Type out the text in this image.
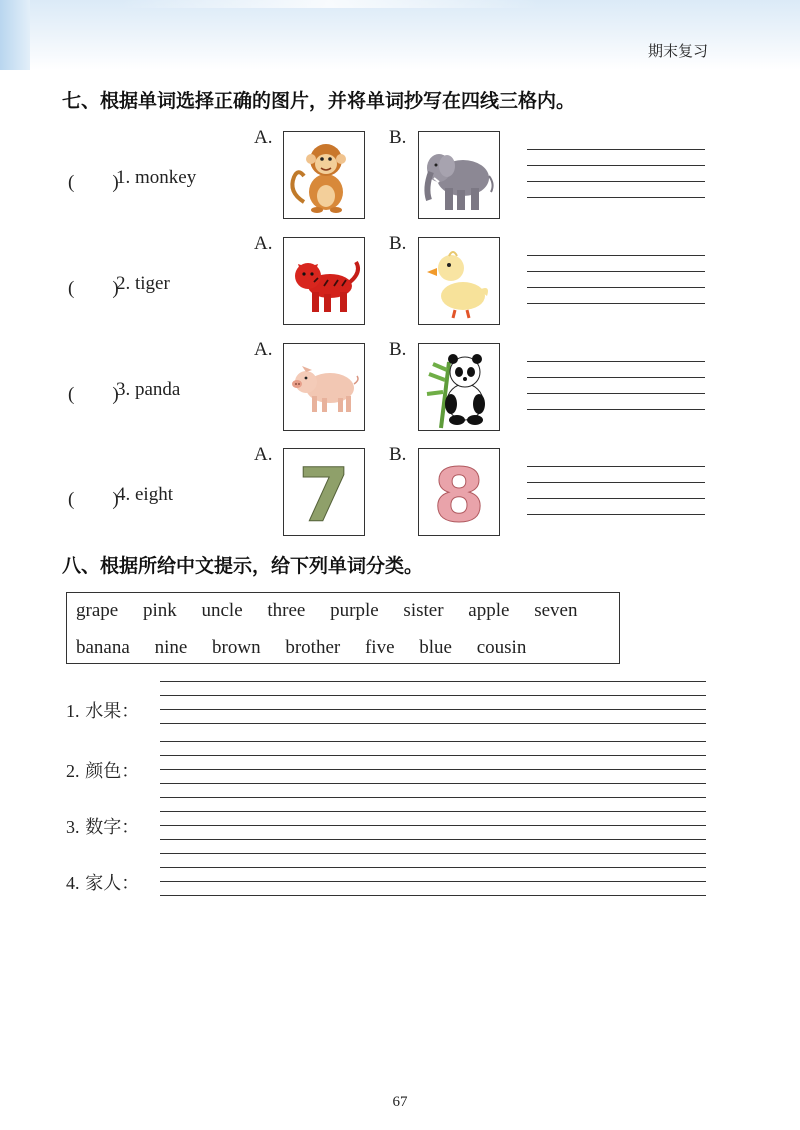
期末复习
七、根据单词选择正确的图片，并将单词抄写在四线三格内。
(　　)
1. monkey
A.	B.
(　　)
2. tiger
A.	B.
(　　)
3. panda
A.	B.
(　　)
4. eight
A. 7 B. 8
八、根据所给中文提示，给下列单词分类。
grape pink uncle three purple sister apple seven
banana nine brown brother five blue cousin
1. 水果：
2. 颜色：
3. 数字：
4. 家人：
67
